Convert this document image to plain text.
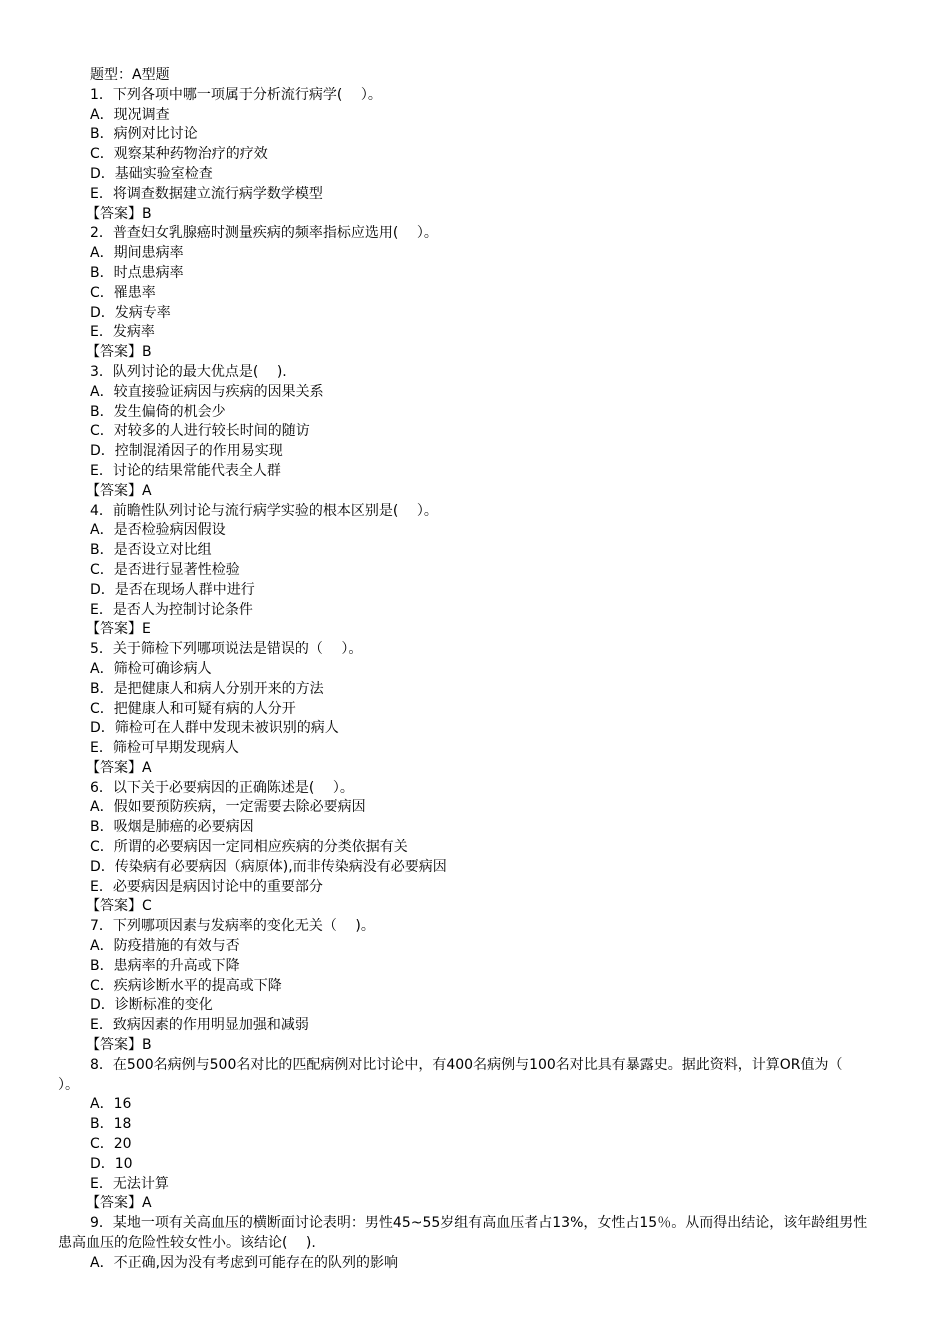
题型：A型题
1．下列各项中哪一项属于分析流行病学(　 ）。
A．现况调查
B．病例对比讨论
C．观察某种药物治疗的疗效
D．基础实验室检查
E．将调查数据建立流行病学数学模型
【答案】B
2．普查妇女乳腺癌时测量疾病的频率指标应选用(　 ）。
A．期间患病率
B．时点患病率
C．罹患率
D．发病专率
E．发病率
【答案】B
3．队列讨论的最大优点是(　 ).
A．较直接验证病因与疾病的因果关系
B．发生偏倚的机会少
C．对较多的人进行较长时间的随访
D．控制混淆因子的作用易实现
E．讨论的结果常能代表全人群
【答案】A
4．前瞻性队列讨论与流行病学实验的根本区别是(　 ）。
A．是否检验病因假设
B．是否设立对比组
C．是否进行显著性检验
D．是否在现场人群中进行
E．是否人为控制讨论条件
【答案】E
5．关于筛检下列哪项说法是错误的（　 ）。
A．筛检可确诊病人
B．是把健康人和病人分别开来的方法
C．把健康人和可疑有病的人分开
D．筛检可在人群中发现未被识别的病人
E．筛检可早期发现病人
【答案】A
6．以下关于必要病因的正确陈述是(　 ）。
A．假如要预防疾病，一定需要去除必要病因
B．吸烟是肺癌的必要病因
C．所谓的必要病因一定同相应疾病的分类依据有关
D．传染病有必要病因（病原体),而非传染病没有必要病因
E．必要病因是病因讨论中的重要部分
【答案】C
7．下列哪项因素与发病率的变化无关（　 )。
A．防疫措施的有效与否
B．患病率的升高或下降
C．疾病诊断水平的提高或下降
D．诊断标准的变化
E．致病因素的作用明显加强和减弱
【答案】B
8．在500名病例与500名对比的匹配病例对比讨论中，有400名病例与100名对比具有暴露史。据此资料，计算OR值为（　 ）。
A．16
B．18
C．20
D．10
E．无法计算
【答案】A
9．某地一项有关高血压的横断面讨论表明：男性45~55岁组有高血压者占13%，女性占15％。从而得出结论，该年龄组男性患高血压的危险性较女性小。该结论(　 ).
A．不正确,因为没有考虑到可能存在的队列的影响
